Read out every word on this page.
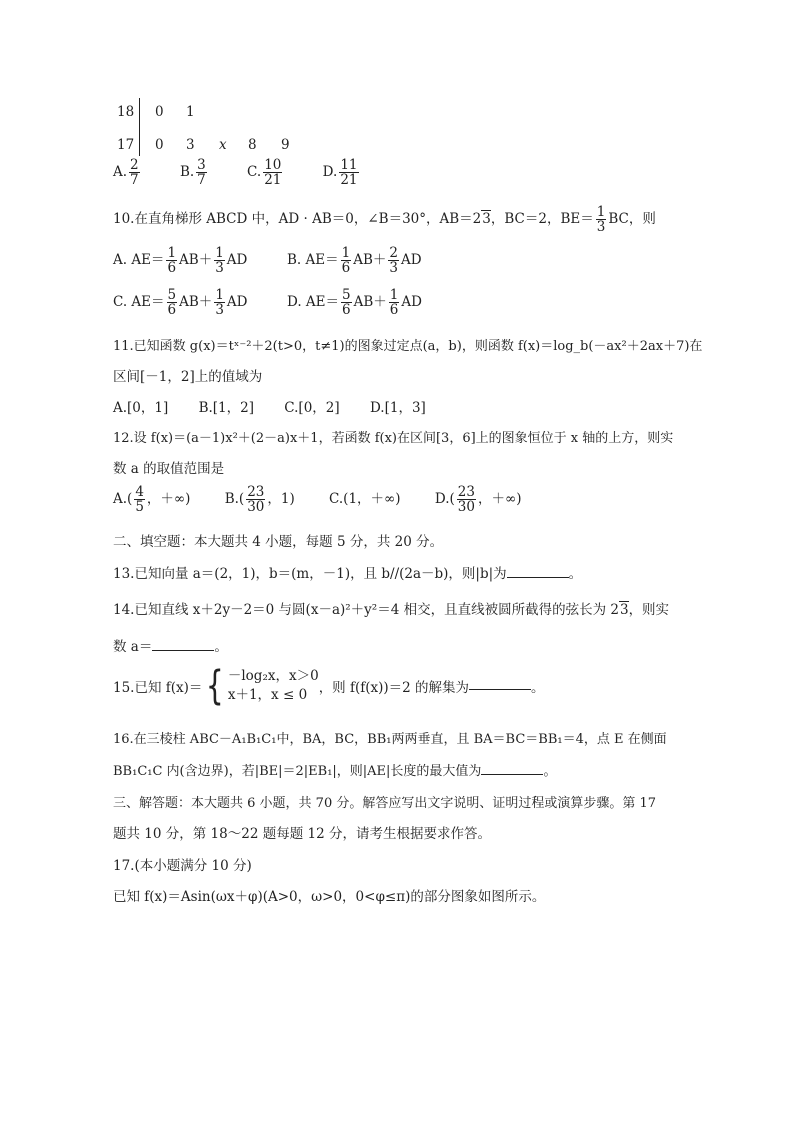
18 0 1
17 0 3 x 8 9
A. $\frac{2}{7}$	B. $\frac{3}{7}$	C. $\frac{10}{21}$	D. $\frac{11}{21}$
10.在直角梯形 ABCD 中，AD · AB＝0，∠B＝30°，AB＝23，BC＝2，$BE= \frac{1}{3}$ BC，则
A. $AE= \frac{1}{6} AB+ \frac{1}{3}$ AD	B. $AE= \frac{1}{6} AB+ \frac{2}{3}$ AD
C. $AE= \frac{5}{6} AB+ \frac{1}{3}$ AD	D. $AE= \frac{5}{6} AB+ \frac{1}{6}$ AD
11.已知函数 g(x)＝tˣ⁻²＋2(t>0，t≠1)的图象过定点(a，b)，则函数 f(x)＝log_b(－ax²＋2ax＋7)在
区间[－1，2]上的值域为
A.[0，1] B.[1，2] C.[0，2] D.[1，3]
12.设 f(x)＝(a－1)x²＋(2－a)x＋1，若函数 f(x)在区间[3，6]上的图象恒位于 x 轴的上方，则实
数 a 的取值范围是
$A.( \frac{4}{5}$ ，＋∞)	$B.( \frac{23}{30}$ ，1)	C.(1，＋∞)	$D.( \frac{23}{30}$ ，＋∞)
二、填空题：本大题共 4 小题，每题 5 分，共 20 分。
13.已知向量 a＝(2，1)，b＝(m，－1)，且 b//(2a－b)，则|b|为	。
14.已知直线 x＋2y－2＝0 与圆(x－a)²＋y²＝4 相交，且直线被圆所截得的弦长为 23，则实
数 a＝	。
15.已知 f(x)＝{ －log₂x，x＞0
x＋1，x ≤ 0 ，则 f(f(x))＝2 的解集为	。
16.在三棱柱 ABC－A₁B₁C₁中，BA，BC，BB₁两两垂直，且 BA＝BC＝BB₁＝4，点 E 在侧面
BB₁C₁C 内(含边界)，若|BE|＝2|EB₁|，则|AE|长度的最大值为	。
三、解答题：本大题共 6 小题，共 70 分。解答应写出文字说明、证明过程或演算步骤。第 17
题共 10 分，第 18～22 题每题 12 分，请考生根据要求作答。
17.(本小题满分 10 分)
已知 f(x)＝Asin(ωx＋φ)(A>0，ω>0，0<φ≤π)的部分图象如图所示。
